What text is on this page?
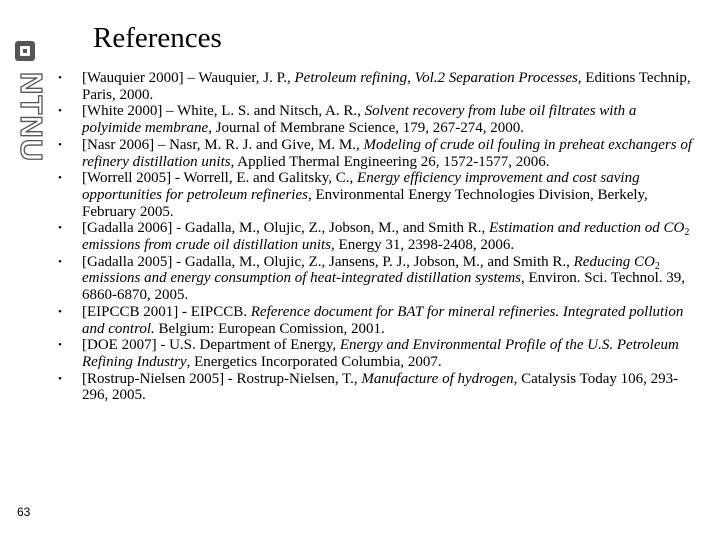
NTNU
63
References
• [Wauquier 2000] – Wauquier, J. P., Petroleum refining, Vol.2 Separation Processes, Editions Technip, Paris, 2000.
• [White 2000] – White, L. S. and Nitsch, A. R., Solvent recovery from lube oil filtrates with a polyimide membrane, Journal of Membrane Science, 179, 267-274, 2000.
• [Nasr 2006] – Nasr, M. R. J. and Give, M. M., Modeling of crude oil fouling in preheat exchangers of refinery distillation units, Applied Thermal Engineering 26, 1572-1577, 2006.
• [Worrell 2005] - Worrell, E. and Galitsky, C., Energy efficiency improvement and cost saving opportunities for petroleum refineries, Environmental Energy Technologies Division, Berkely, February 2005.
• [Gadalla 2006] - Gadalla, M., Olujic, Z., Jobson, M., and Smith R., Estimation and reduction od $CO_2$ emissions from crude oil distillation units, Energy 31, 2398-2408, 2006.
• [Gadalla 2005] - Gadalla, M., Olujic, Z., Jansens, P. J., Jobson, M., and Smith R., Reducing $CO_2$ emissions and energy consumption of heat-integrated distillation systems, Environ. Sci. Technol. 39, 6860-6870, 2005.
• [EIPCCB 2001] - EIPCCB. Reference document for BAT for mineral refineries. Integrated pollution and control. Belgium: European Comission, 2001.
• [DOE 2007] - U.S. Department of Energy, Energy and Environmental Profile of the U.S. Petroleum Refining Industry, Energetics Incorporated Columbia, 2007.
• [Rostrup-Nielsen 2005] - Rostrup-Nielsen, T., Manufacture of hydrogen, Catalysis Today 106, 293-296, 2005.
